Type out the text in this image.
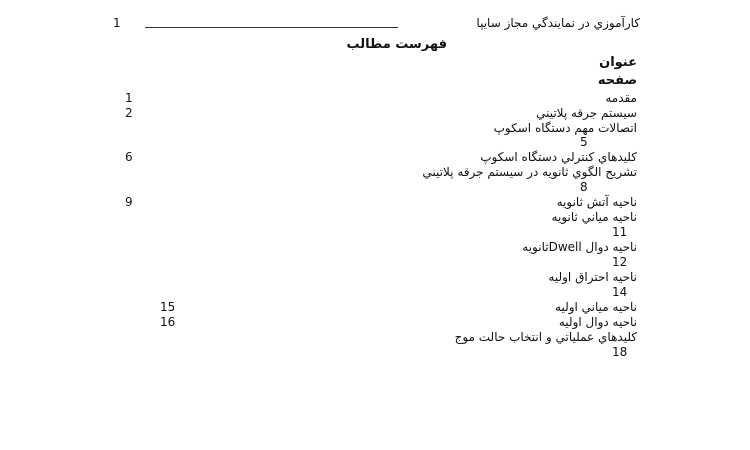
1	كارآموزي در نمايندگي مجاز سايپا
فهرست مطالب
عنوان
صفحه
مقدمه
1
سيستم جرقه پلاتيني
2
اتصالات مهم دستگاه اسكوپ
5
كليدهاي كنترلي دستگاه اسكوپ
6
تشريح الگوي ثانويه در سيستم جرقه پلاتيني
8
ناحيه آتش ثانويه
9
ناحيه مياني ثانويه
11
ناحيه دوال Dwellثانويه
12
ناحيه احتراق اوليه
14
ناحيه مياني اوليه
15
ناحيه دوال اوليه
16
كليدهاي عملياتي و انتخاب حالت موج
18
